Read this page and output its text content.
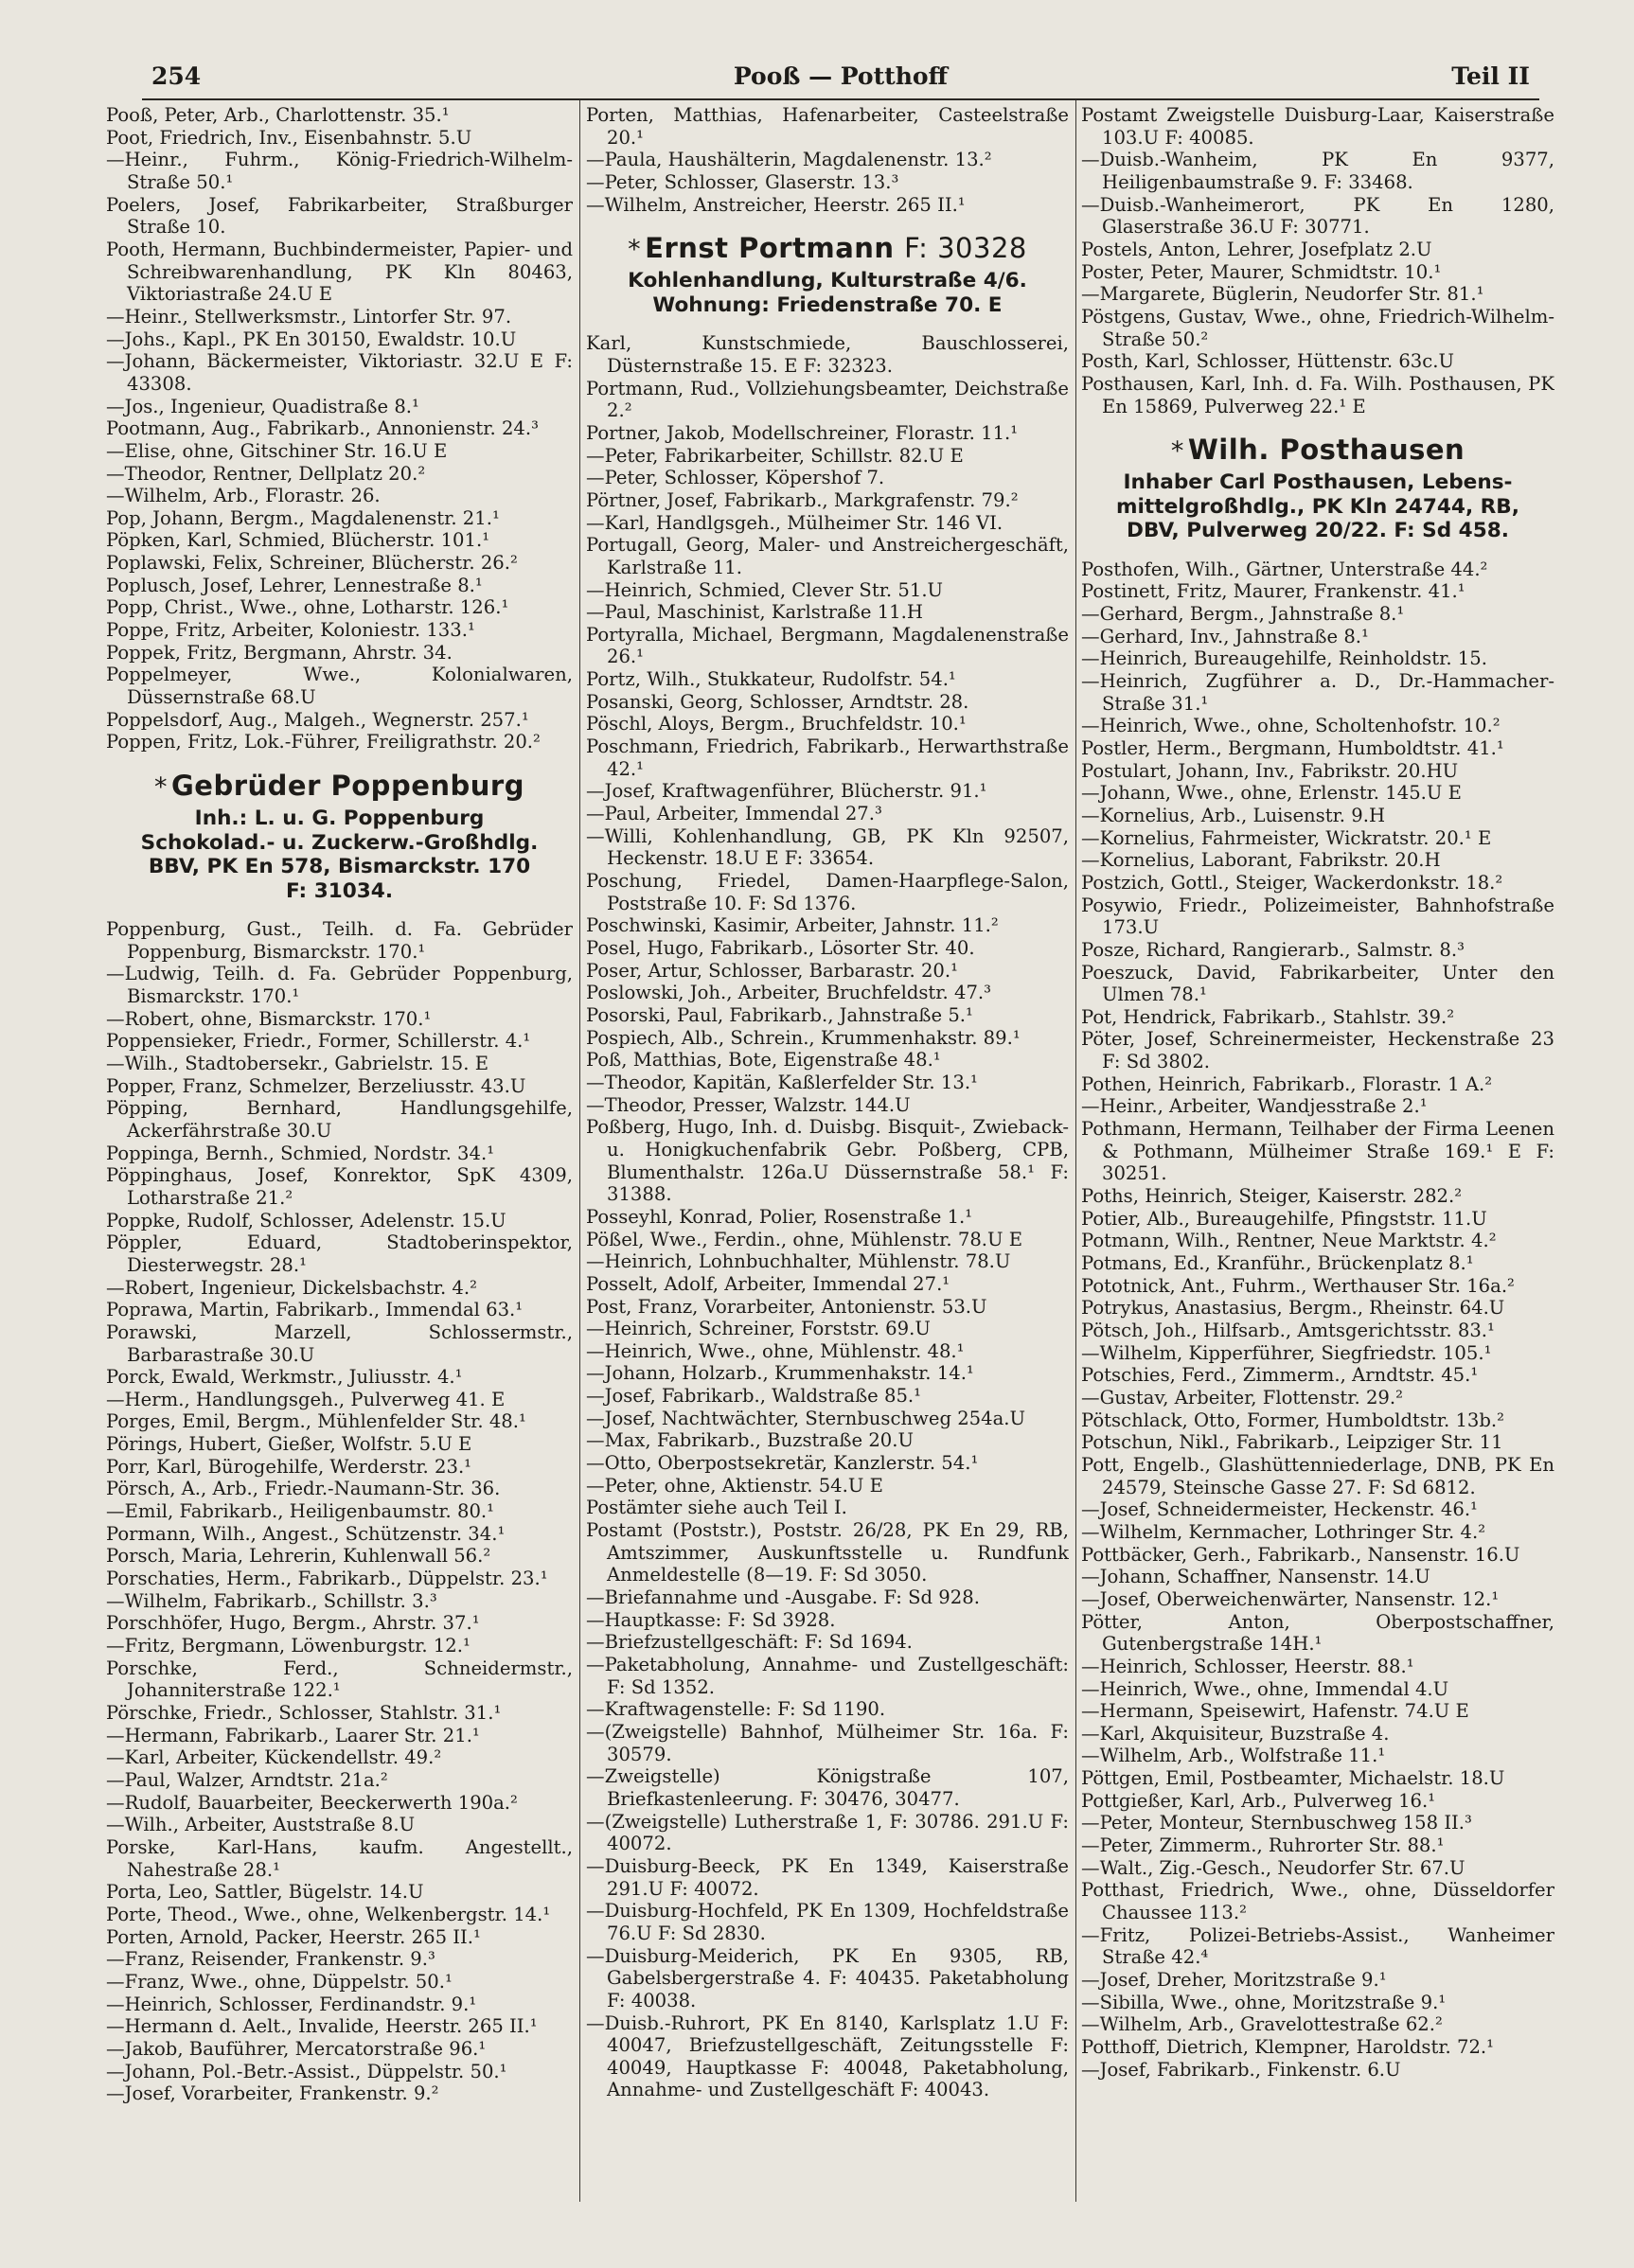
254	Pooß — Potthoff	Teil II
Pooß, Peter, Arb., Charlottenstr. 35.¹
Poot, Friedrich, Inv., Eisenbahnstr. 5.U
—Heinr., Fuhrm., König-Friedrich-Wilhelm-Straße 50.¹
Poelers, Josef, Fabrikarbeiter, Straßburger Straße 10.
Pooth, Hermann, Buchbindermeister, Papier- und Schreibwarenhandlung, PK Kln 80463, Viktoriastraße 24.U E
—Heinr., Stellwerksmstr., Lintorfer Str. 97.
—Johs., Kapl., PK En 30150, Ewaldstr. 10.U
—Johann, Bäckermeister, Viktoriastr. 32.U E F: 43308.
—Jos., Ingenieur, Quadistraße 8.¹
Pootmann, Aug., Fabrikarb., Annonienstr. 24.³
—Elise, ohne, Gitschiner Str. 16.U E
—Theodor, Rentner, Dellplatz 20.²
—Wilhelm, Arb., Florastr. 26.
Pop, Johann, Bergm., Magdalenenstr. 21.¹
Pöpken, Karl, Schmied, Blücherstr. 101.¹
Poplawski, Felix, Schreiner, Blücherstr. 26.²
Poplusch, Josef, Lehrer, Lennestraße 8.¹
Popp, Christ., Wwe., ohne, Lotharstr. 126.¹
Poppe, Fritz, Arbeiter, Koloniestr. 133.¹
Poppek, Fritz, Bergmann, Ahrstr. 34.
Poppelmeyer, Wwe., Kolonialwaren, Düssernstraße 68.U
Poppelsdorf, Aug., Malgeh., Wegnerstr. 257.¹
Poppen, Fritz, Lok.-Führer, Freiligrathstr. 20.²
* Gebrüder Poppenburg
Inh.: L. u. G. Poppenburg
Schokolad.- u. Zuckerw.-Großhdlg.
BBV, PK En 578, Bismarckstr. 170
F: 31034.
Poppenburg, Gust., Teilh. d. Fa. Gebrüder Poppenburg, Bismarckstr. 170.¹
—Ludwig, Teilh. d. Fa. Gebrüder Poppenburg, Bismarckstr. 170.¹
—Robert, ohne, Bismarckstr. 170.¹
Poppensieker, Friedr., Former, Schillerstr. 4.¹
—Wilh., Stadtobersekr., Gabrielstr. 15. E
Popper, Franz, Schmelzer, Berzeliusstr. 43.U
Pöpping, Bernhard, Handlungsgehilfe, Ackerfährstraße 30.U
Poppinga, Bernh., Schmied, Nordstr. 34.¹
Pöppinghaus, Josef, Konrektor, SpK 4309, Lotharstraße 21.²
Poppke, Rudolf, Schlosser, Adelenstr. 15.U
Pöppler, Eduard, Stadtoberinspektor, Diesterwegstr. 28.¹
—Robert, Ingenieur, Dickelsbachstr. 4.²
Poprawa, Martin, Fabrikarb., Immendal 63.¹
Porawski, Marzell, Schlossermstr., Barbarastraße 30.U
Porck, Ewald, Werkmstr., Juliusstr. 4.¹
—Herm., Handlungsgeh., Pulverweg 41. E
Porges, Emil, Bergm., Mühlenfelder Str. 48.¹
Pörings, Hubert, Gießer, Wolfstr. 5.U E
Porr, Karl, Bürogehilfe, Werderstr. 23.¹
Pörsch, A., Arb., Friedr.-Naumann-Str. 36.
—Emil, Fabrikarb., Heiligenbaumstr. 80.¹
Pormann, Wilh., Angest., Schützenstr. 34.¹
Porsch, Maria, Lehrerin, Kuhlenwall 56.²
Porschaties, Herm., Fabrikarb., Düppelstr. 23.¹
—Wilhelm, Fabrikarb., Schillstr. 3.³
Porschhöfer, Hugo, Bergm., Ahrstr. 37.¹
—Fritz, Bergmann, Löwenburgstr. 12.¹
Porschke, Ferd., Schneidermstr., Johanniterstraße 122.¹
Pörschke, Friedr., Schlosser, Stahlstr. 31.¹
—Hermann, Fabrikarb., Laarer Str. 21.¹
—Karl, Arbeiter, Kückendellstr. 49.²
—Paul, Walzer, Arndtstr. 21a.²
—Rudolf, Bauarbeiter, Beeckerwerth 190a.²
—Wilh., Arbeiter, Auststraße 8.U
Porske, Karl-Hans, kaufm. Angestellt., Nahestraße 28.¹
Porta, Leo, Sattler, Bügelstr. 14.U
Porte, Theod., Wwe., ohne, Welkenbergstr. 14.¹
Porten, Arnold, Packer, Heerstr. 265 II.¹
—Franz, Reisender, Frankenstr. 9.³
—Franz, Wwe., ohne, Düppelstr. 50.¹
—Heinrich, Schlosser, Ferdinandstr. 9.¹
—Hermann d. Aelt., Invalide, Heerstr. 265 II.¹
—Jakob, Bauführer, Mercatorstraße 96.¹
—Johann, Pol.-Betr.-Assist., Düppelstr. 50.¹
—Josef, Vorarbeiter, Frankenstr. 9.²
Porten, Matthias, Hafenarbeiter, Casteelstraße 20.¹
—Paula, Haushälterin, Magdalenenstr. 13.²
—Peter, Schlosser, Glaserstr. 13.³
—Wilhelm, Anstreicher, Heerstr. 265 II.¹
* Ernst Portmann F: 30328
Kohlenhandlung, Kulturstraße 4/6.
Wohnung: Friedenstraße 70. E
Karl, Kunstschmiede, Bauschlosserei, Düsternstraße 15. E F: 32323.
Portmann, Rud., Vollziehungsbeamter, Deichstraße 2.²
Portner, Jakob, Modellschreiner, Florastr. 11.¹
—Peter, Fabrikarbeiter, Schillstr. 82.U E
—Peter, Schlosser, Köpershof 7.
Pörtner, Josef, Fabrikarb., Markgrafenstr. 79.²
—Karl, Handlgsgeh., Mülheimer Str. 146 VI.
Portugall, Georg, Maler- und Anstreichergeschäft, Karlstraße 11.
—Heinrich, Schmied, Clever Str. 51.U
—Paul, Maschinist, Karlstraße 11.H
Portyralla, Michael, Bergmann, Magdalenenstraße 26.¹
Portz, Wilh., Stukkateur, Rudolfstr. 54.¹
Posanski, Georg, Schlosser, Arndtstr. 28.
Pöschl, Aloys, Bergm., Bruchfeldstr. 10.¹
Poschmann, Friedrich, Fabrikarb., Herwarthstraße 42.¹
—Josef, Kraftwagenführer, Blücherstr. 91.¹
—Paul, Arbeiter, Immendal 27.³
—Willi, Kohlenhandlung, GB, PK Kln 92507, Heckenstr. 18.U E F: 33654.
Poschung, Friedel, Damen-Haarpflege-Salon, Poststraße 10. F: Sd 1376.
Poschwinski, Kasimir, Arbeiter, Jahnstr. 11.²
Posel, Hugo, Fabrikarb., Lösorter Str. 40.
Poser, Artur, Schlosser, Barbarastr. 20.¹
Poslowski, Joh., Arbeiter, Bruchfeldstr. 47.³
Posorski, Paul, Fabrikarb., Jahnstraße 5.¹
Pospiech, Alb., Schrein., Krummenhakstr. 89.¹
Poß, Matthias, Bote, Eigenstraße 48.¹
—Theodor, Kapitän, Kaßlerfelder Str. 13.¹
—Theodor, Presser, Walzstr. 144.U
Poßberg, Hugo, Inh. d. Duisbg. Bisquit-, Zwieback- u. Honigkuchenfabrik Gebr. Poßberg, CPB, Blumenthalstr. 126a.U Düssernstraße 58.¹ F: 31388.
Posseyhl, Konrad, Polier, Rosenstraße 1.¹
Pößel, Wwe., Ferdin., ohne, Mühlenstr. 78.U E
—Heinrich, Lohnbuchhalter, Mühlenstr. 78.U
Posselt, Adolf, Arbeiter, Immendal 27.¹
Post, Franz, Vorarbeiter, Antonienstr. 53.U
—Heinrich, Schreiner, Forststr. 69.U
—Heinrich, Wwe., ohne, Mühlenstr. 48.¹
—Johann, Holzarb., Krummenhakstr. 14.¹
—Josef, Fabrikarb., Waldstraße 85.¹
—Josef, Nachtwächter, Sternbuschweg 254a.U
—Max, Fabrikarb., Buzstraße 20.U
—Otto, Oberpostsekretär, Kanzlerstr. 54.¹
—Peter, ohne, Aktienstr. 54.U E
Postämter siehe auch Teil I.
Postamt (Poststr.), Poststr. 26/28, PK En 29, RB, Amtszimmer, Auskunftsstelle u. Rundfunk Anmeldestelle (8—19. F: Sd 3050.
—Briefannahme und -Ausgabe. F: Sd 928.
—Hauptkasse: F: Sd 3928.
—Briefzustellgeschäft: F: Sd 1694.
—Paketabholung, Annahme- und Zustellgeschäft: F: Sd 1352.
—Kraftwagenstelle: F: Sd 1190.
—(Zweigstelle) Bahnhof, Mülheimer Str. 16a. F: 30579.
—Zweigstelle) Königstraße 107, Briefkastenleerung. F: 30476, 30477.
—(Zweigstelle) Lutherstraße 1, F: 30786. 291.U F: 40072.
—Duisburg-Beeck, PK En 1349, Kaiserstraße 291.U F: 40072.
—Duisburg-Hochfeld, PK En 1309, Hochfeldstraße 76.U F: Sd 2830.
—Duisburg-Meiderich, PK En 9305, RB, Gabelsbergerstraße 4. F: 40435. Paketabholung F: 40038.
—Duisb.-Ruhrort, PK En 8140, Karlsplatz 1.U F: 40047, Briefzustellgeschäft, Zeitungsstelle F: 40049, Hauptkasse F: 40048, Paketabholung, Annahme- und Zustellgeschäft F: 40043.
Postamt Zweigstelle Duisburg-Laar, Kaiserstraße 103.U F: 40085.
—Duisb.-Wanheim, PK En 9377, Heiligenbaumstraße 9. F: 33468.
—Duisb.-Wanheimerort, PK En 1280, Glaserstraße 36.U F: 30771.
Postels, Anton, Lehrer, Josefplatz 2.U
Poster, Peter, Maurer, Schmidtstr. 10.¹
—Margarete, Büglerin, Neudorfer Str. 81.¹
Pöstgens, Gustav, Wwe., ohne, Friedrich-Wilhelm-Straße 50.²
Posth, Karl, Schlosser, Hüttenstr. 63c.U
Posthausen, Karl, Inh. d. Fa. Wilh. Posthausen, PK En 15869, Pulverweg 22.¹ E
* Wilh. Posthausen
Inhaber Carl Posthausen, Lebens-
mittelgroßhdlg., PK Kln 24744, RB,
DBV, Pulverweg 20/22. F: Sd 458.
Posthofen, Wilh., Gärtner, Unterstraße 44.²
Postinett, Fritz, Maurer, Frankenstr. 41.¹
—Gerhard, Bergm., Jahnstraße 8.¹
—Gerhard, Inv., Jahnstraße 8.¹
—Heinrich, Bureaugehilfe, Reinholdstr. 15.
—Heinrich, Zugführer a. D., Dr.-Hammacher-Straße 31.¹
—Heinrich, Wwe., ohne, Scholtenhofstr. 10.²
Postler, Herm., Bergmann, Humboldtstr. 41.¹
Postulart, Johann, Inv., Fabrikstr. 20.HU
—Johann, Wwe., ohne, Erlenstr. 145.U E
—Kornelius, Arb., Luisenstr. 9.H
—Kornelius, Fahrmeister, Wickratstr. 20.¹ E
—Kornelius, Laborant, Fabrikstr. 20.H
Postzich, Gottl., Steiger, Wackerdonkstr. 18.²
Posywio, Friedr., Polizeimeister, Bahnhofstraße 173.U
Posze, Richard, Rangierarb., Salmstr. 8.³
Poeszuck, David, Fabrikarbeiter, Unter den Ulmen 78.¹
Pot, Hendrick, Fabrikarb., Stahlstr. 39.²
Pöter, Josef, Schreinermeister, Heckenstraße 23 F: Sd 3802.
Pothen, Heinrich, Fabrikarb., Florastr. 1 A.²
—Heinr., Arbeiter, Wandjesstraße 2.¹
Pothmann, Hermann, Teilhaber der Firma Leenen & Pothmann, Mülheimer Straße 169.¹ E F: 30251.
Poths, Heinrich, Steiger, Kaiserstr. 282.²
Potier, Alb., Bureaugehilfe, Pfingststr. 11.U
Potmann, Wilh., Rentner, Neue Marktstr. 4.²
Potmans, Ed., Kranführ., Brückenplatz 8.¹
Pototnick, Ant., Fuhrm., Werthauser Str. 16a.²
Potrykus, Anastasius, Bergm., Rheinstr. 64.U
Pötsch, Joh., Hilfsarb., Amtsgerichtsstr. 83.¹
—Wilhelm, Kipperführer, Siegfriedstr. 105.¹
Potschies, Ferd., Zimmerm., Arndtstr. 45.¹
—Gustav, Arbeiter, Flottenstr. 29.²
Pötschlack, Otto, Former, Humboldtstr. 13b.²
Potschun, Nikl., Fabrikarb., Leipziger Str. 11
Pott, Engelb., Glashüttenniederlage, DNB, PK En 24579, Steinsche Gasse 27. F: Sd 6812.
—Josef, Schneidermeister, Heckenstr. 46.¹
—Wilhelm, Kernmacher, Lothringer Str. 4.²
Pottbäcker, Gerh., Fabrikarb., Nansenstr. 16.U
—Johann, Schaffner, Nansenstr. 14.U
—Josef, Oberweichenwärter, Nansenstr. 12.¹
Pötter, Anton, Oberpostschaffner, Gutenbergstraße 14H.¹
—Heinrich, Schlosser, Heerstr. 88.¹
—Heinrich, Wwe., ohne, Immendal 4.U
—Hermann, Speisewirt, Hafenstr. 74.U E
—Karl, Akquisiteur, Buzstraße 4.
—Wilhelm, Arb., Wolfstraße 11.¹
Pöttgen, Emil, Postbeamter, Michaelstr. 18.U
Pottgießer, Karl, Arb., Pulverweg 16.¹
—Peter, Monteur, Sternbuschweg 158 II.³
—Peter, Zimmerm., Ruhrorter Str. 88.¹
—Walt., Zig.-Gesch., Neudorfer Str. 67.U
Potthast, Friedrich, Wwe., ohne, Düsseldorfer Chaussee 113.²
—Fritz, Polizei-Betriebs-Assist., Wanheimer Straße 42.⁴
—Josef, Dreher, Moritzstraße 9.¹
—Sibilla, Wwe., ohne, Moritzstraße 9.¹
—Wilhelm, Arb., Gravelottestraße 62.²
Potthoff, Dietrich, Klempner, Haroldstr. 72.¹
—Josef, Fabrikarb., Finkenstr. 6.U
